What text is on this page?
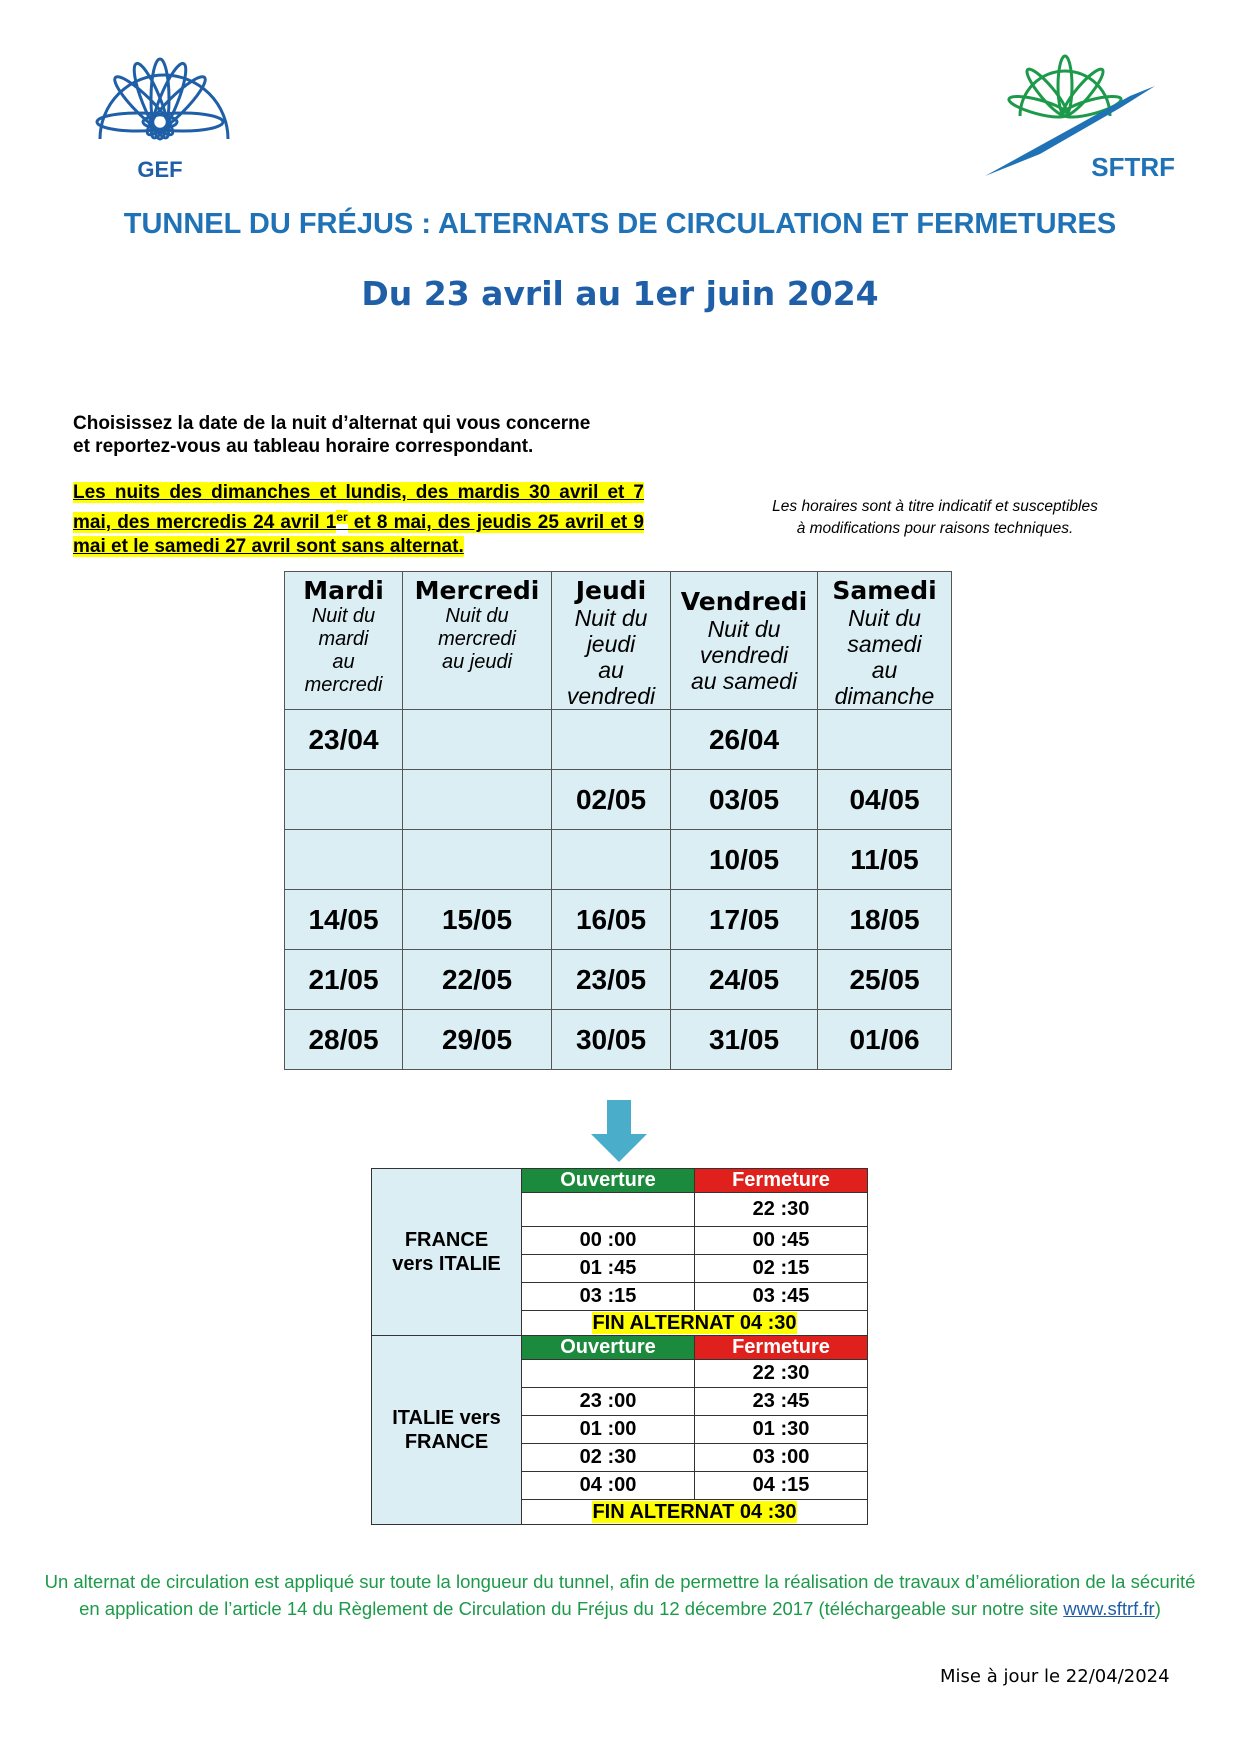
GEF	SFTRF
TUNNEL DU FRÉJUS : ALTERNATS DE CIRCULATION ET FERMETURES
Du 23 avril au 1er juin 2024
Choisissez la date de la nuit d’alternat qui vous concerne
et reportez-vous au tableau horaire correspondant.
Les nuits des dimanches et lundis, des mardis 30 avril et 7 mai, des mercredis 24 avril 1er et 8 mai, des jeudis 25 avril et 9 mai et le samedi 27 avril sont sans alternat.
Les horaires sont à titre indicatif et susceptibles
à modifications pour raisons techniques.
Mardi
Nuit du
mardi
au
mercredi	Mercredi
Nuit du
mercredi
au jeudi	Jeudi
Nuit du
jeudi
au
vendredi	Vendredi
Nuit du
vendredi
au samedi	Samedi
Nuit du
samedi
au
dimanche

23/04			26/04	
		02/05	03/05	04/05
			10/05	11/05
14/05	15/05	16/05	17/05	18/05
21/05	22/05	23/05	24/05	25/05
28/05	29/05	30/05	31/05	01/06
FRANCE
vers ITALIE	Ouverture	Fermeture
		22 :30
	00 :00	00 :45
	01 :45	02 :15
	03 :15	03 :45
	FIN ALTERNAT 04 :30	

ITALIE vers
FRANCE	Ouverture	Fermeture
		22 :30
	23 :00	23 :45
	01 :00	01 :30
	02 :30	03 :00
	04 :00	04 :15
	FIN ALTERNAT 04 :30	
Un alternat de circulation est appliqué sur toute la longueur du tunnel, afin de permettre la réalisation de travaux d’amélioration de la sécurité
en application de l’article 14 du Règlement de Circulation du Fréjus du 12 décembre 2017 (téléchargeable sur notre site www.sftrf.fr)
Mise à jour le 22/04/2024
